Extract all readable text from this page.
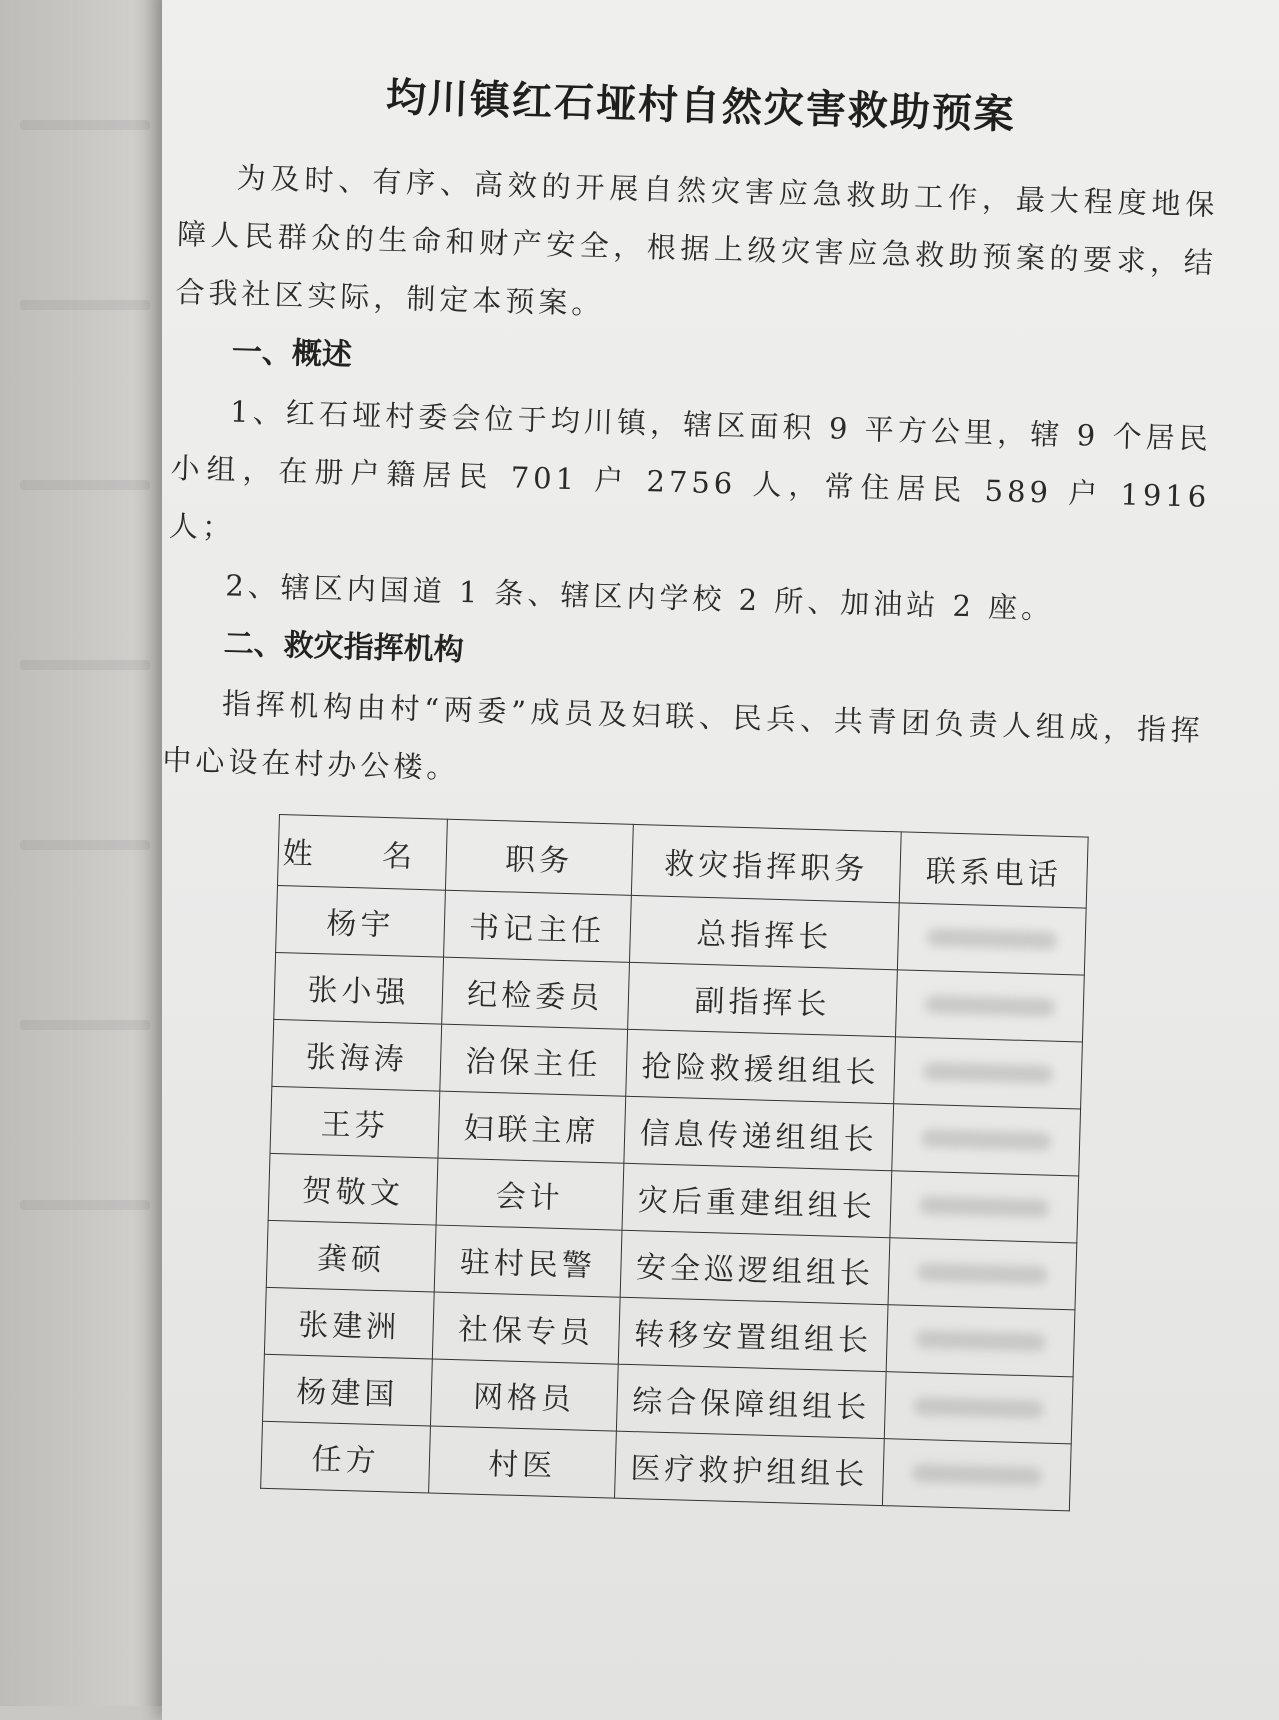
均川镇红石垭村自然灾害救助预案

为及时、有序、高效的开展自然灾害应急救助工作，最大程度地保障人民群众的生命和财产安全，根据上级灾害应急救助预案的要求，结合我社区实际，制定本预案。

一、概述

1、红石垭村委会位于均川镇，辖区面积 9 平方公里，辖 9 个居民小组，在册户籍居民 701 户 2756 人，常住居民 589 户 1916 人；

2、辖区内国道 1 条、辖区内学校 2 所、加油站 2 座。

二、救灾指挥机构

指挥机构由村“两委”成员及妇联、民兵、共青团负责人组成，指挥中心设在村办公楼。

姓 名	职务	救灾指挥职务	联系电话
杨宇	书记主任	总指挥长	

张小强	纪检委员	副指挥长	

张海涛	治保主任	抢险救援组组长	

王芬	妇联主席	信息传递组组长	

贺敬文	会计	灾后重建组组长	

龚硕	驻村民警	安全巡逻组组长	

张建洲	社保专员	转移安置组组长	

杨建国	网格员	综合保障组组长	

任方	村医	医疗救护组组长	
